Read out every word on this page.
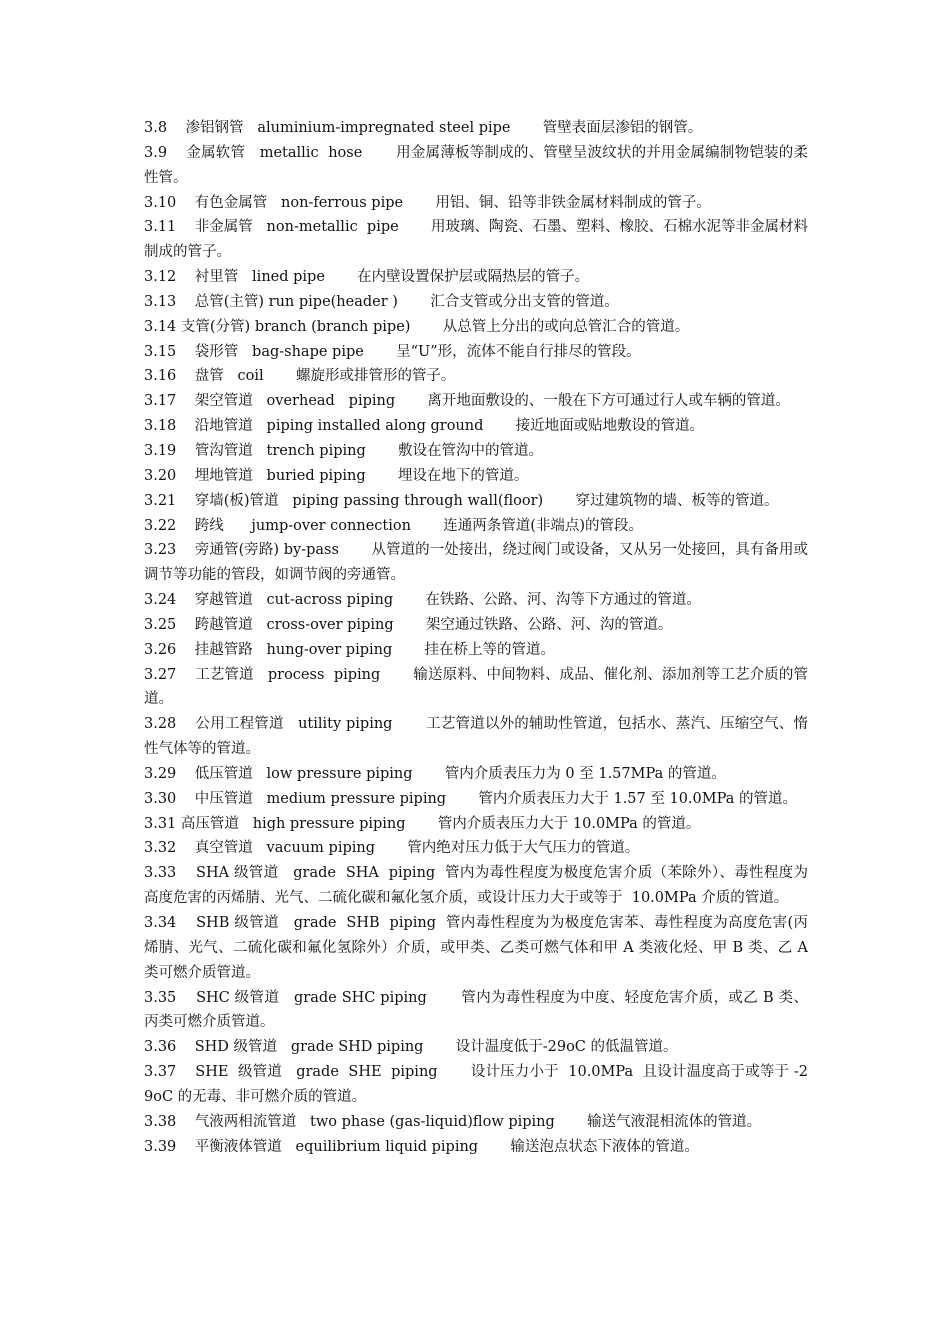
3.8    渗铝钢管   aluminium-impregnated steel pipe       管壁表面层渗铝的钢管。
3.9    金属软管   metallic  hose       用金属薄板等制成的、管壁呈波纹状的并用金属编制物铠装的柔性管。
3.10    有色金属管   non-ferrous pipe       用铝、铜、铅等非铁金属材料制成的管子。
3.11    非金属管   non-metallic  pipe       用玻璃、陶瓷、石墨、塑料、橡胶、石棉水泥等非金属材料制成的管子。
3.12    衬里管   lined pipe       在内壁设置保护层或隔热层的管子。
3.13    总管(主管) run pipe(header )       汇合支管或分出支管的管道。
3.14 支管(分管) branch (branch pipe)       从总管上分出的或向总管汇合的管道。
3.15    袋形管   bag-shape pipe       呈“U”形，流体不能自行排尽的管段。
3.16    盘管   coil       螺旋形或排管形的管子。
3.17    架空管道   overhead   piping       离开地面敷设的、一般在下方可通过行人或车辆的管道。
3.18    沿地管道   piping installed along ground       接近地面或贴地敷设的管道。
3.19    管沟管道   trench piping       敷设在管沟中的管道。
3.20    埋地管道   buried piping       埋设在地下的管道。
3.21    穿墙(板)管道   piping passing through wall(floor)       穿过建筑物的墙、板等的管道。
3.22    跨线      jump-over connection       连通两条管道(非端点)的管段。
3.23    旁通管(旁路) by-pass       从管道的一处接出，绕过阀门或设备，又从另一处接回，具有备用或调节等功能的管段，如调节阀的旁通管。
3.24    穿越管道   cut-across piping       在铁路、公路、河、沟等下方通过的管道。
3.25    跨越管道   cross-over piping       架空通过铁路、公路、河、沟的管道。
3.26    挂越管路   hung-over piping       挂在桥上等的管道。
3.27    工艺管道   process  piping       输送原料、中间物料、成品、催化剂、添加剂等工艺介质的管道。
3.28    公用工程管道   utility piping       工艺管道以外的辅助性管道，包括水、蒸汽、压缩空气、惰性气体等的管道。
3.29    低压管道   low pressure piping       管内介质表压力为 0 至 1.57MPa 的管道。
3.30    中压管道   medium pressure piping       管内介质表压力大于 1.57 至 10.0MPa 的管道。
3.31 高压管道   high pressure piping       管内介质表压力大于 10.0MPa 的管道。
3.32    真空管道   vacuum piping       管内绝对压力低于大气压力的管道。
3.33    SHA 级管道   grade  SHA  piping  管内为毒性程度为极度危害介质（苯除外）、毒性程度为高度危害的丙烯腈、光气、二硫化碳和氟化氢介质，或设计压力大于或等于  10.0MPa 介质的管道。
3.34    SHB 级管道   grade  SHB  piping  管内毒性程度为为极度危害苯、毒性程度为高度危害(丙烯腈、光气、二硫化碳和氟化氢除外）介质，或甲类、乙类可燃气体和甲 A 类液化烃、甲 B 类、乙 A 类可燃介质管道。
3.35    SHC 级管道   grade SHC piping       管内为毒性程度为中度、轻度危害介质，或乙 B 类、丙类可燃介质管道。
3.36    SHD 级管道   grade SHD piping       设计温度低于-29oC 的低温管道。
3.37    SHE  级管道   grade  SHE  piping       设计压力小于  10.0MPa  且设计温度高于或等于 -29oC 的无毒、非可燃介质的管道。
3.38    气液两相流管道   two phase (gas-liquid)flow piping       输送气液混相流体的管道。
3.39    平衡液体管道   equilibrium liquid piping       输送泡点状态下液体的管道。
